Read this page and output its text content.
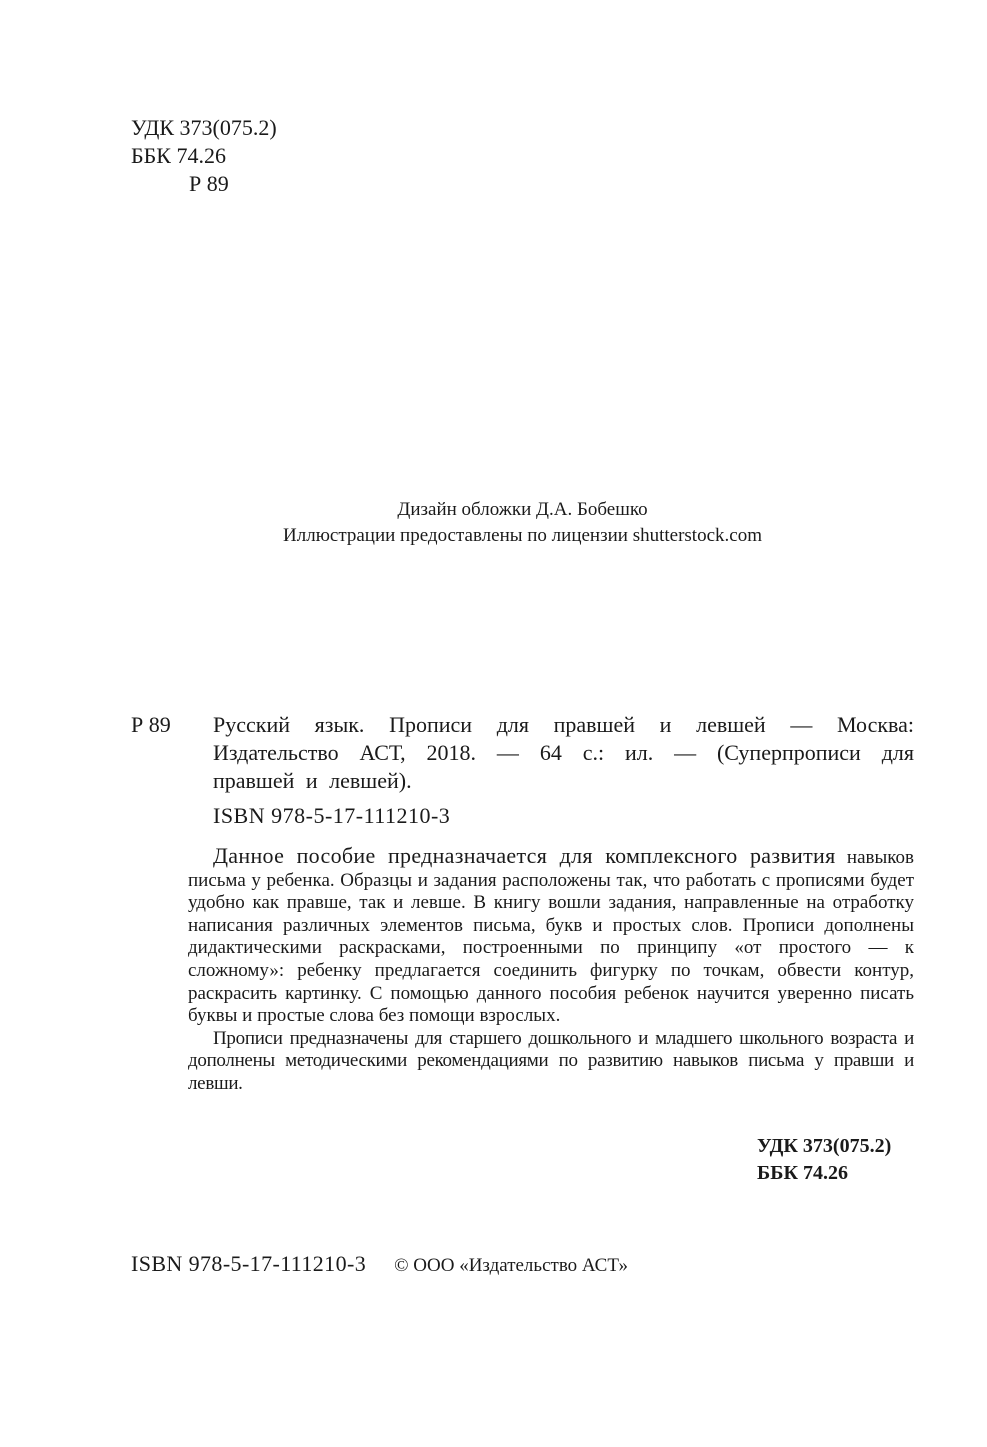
УДК 373(075.2)
ББК 74.26
Р 89
Дизайн обложки Д.А. Бобешко
Иллюстрации предоставлены по лицензии shutterstock.com
Р 89 Русский язык. Прописи для правшей и левшей — Москва: Издательство АСТ, 2018. — 64 с.: ил. — (Суперпрописи для правшей и левшей).
ISBN 978-5-17-111210-3

Данное пособие предназначается для комплексного развития навыков письма у ребенка. Образцы и задания расположены так, что работать с прописями будет удобно как правше, так и левше. В книгу вошли задания, направленные на отработку написания различных элементов письма, букв и простых слов. Прописи дополнены дидактическими раскрасками, построенными по принципу «от простого — к сложному»: ребенку предлагается соединить фигурку по точкам, обвести контур, раскрасить картинку. С помощью данного пособия ребенок научится уверенно писать буквы и простые слова без помощи взрослых.

Прописи предназначены для старшего дошкольного и младшего школьного возраста и дополнены методическими рекомендациями по развитию навыков письма у правши и левши.

УДК 373(075.2)
ББК 74.26
ISBN 978-5-17-111210-3 © ООО «Издательство АСТ»
